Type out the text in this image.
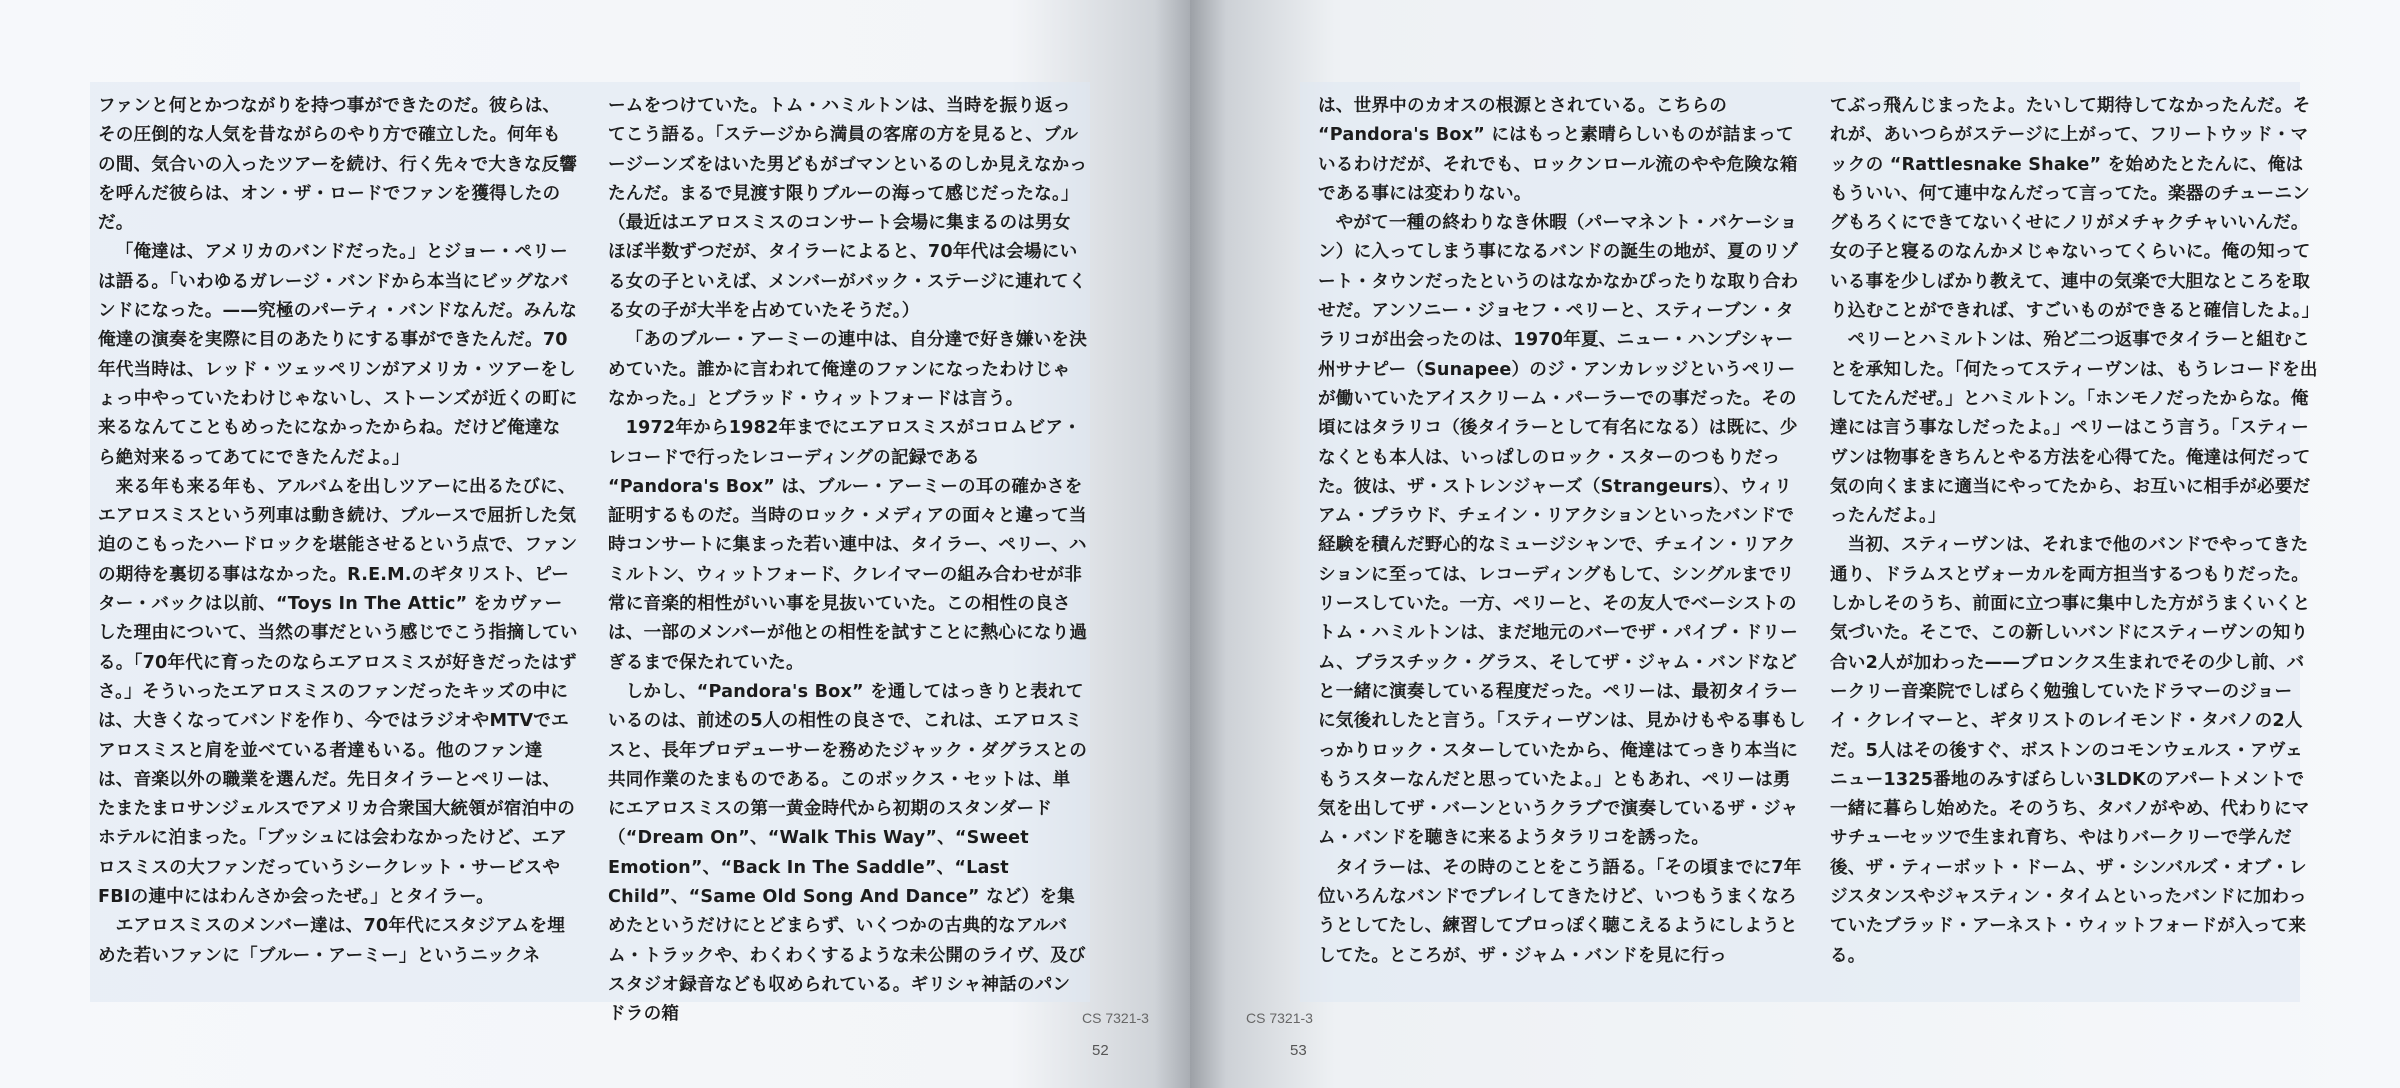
ファンと何とかつながりを持つ事ができたのだ。彼らは、その圧倒的な人気を昔ながらのやり方で確立した。何年もの間、気合いの入ったツアーを続け、行く先々で大きな反響を呼んだ彼らは、オン・ザ・ロードでファンを獲得したのだ。

「俺達は、アメリカのバンドだった。」とジョー・ペリーは語る。「いわゆるガレージ・バンドから本当にビッグなバンドになった。——究極のパーティ・バンドなんだ。みんな俺達の演奏を実際に目のあたりにする事ができたんだ。70年代当時は、レッド・ツェッペリンがアメリカ・ツアーをしょっ中やっていたわけじゃないし、ストーンズが近くの町に来るなんてこともめったになかったからね。だけど俺達なら絶対来るってあてにできたんだよ。」

来る年も来る年も、アルバムを出しツアーに出るたびに、エアロスミスという列車は動き続け、ブルースで屈折した気迫のこもったハードロックを堪能させるという点で、ファンの期待を裏切る事はなかった。R.E.M.のギタリスト、ピーター・バックは以前、“Toys In The Attic” をカヴァーした理由について、当然の事だという感じでこう指摘している。「70年代に育ったのならエアロスミスが好きだったはずさ。」そういったエアロスミスのファンだったキッズの中には、大きくなってバンドを作り、今ではラジオやMTVでエアロスミスと肩を並べている者達もいる。他のファン達は、音楽以外の職業を選んだ。先日タイラーとペリーは、たまたまロサンジェルスでアメリカ合衆国大統領が宿泊中のホテルに泊まった。「ブッシュには会わなかったけど、エアロスミスの大ファンだっていうシークレット・サービスやFBIの連中にはわんさか会ったぜ。」とタイラー。

エアロスミスのメンバー達は、70年代にスタジアムを埋めた若いファンに「ブルー・アーミー」というニックネ

ームをつけていた。トム・ハミルトンは、当時を振り返ってこう語る。「ステージから満員の客席の方を見ると、ブルージーンズをはいた男どもがゴマンといるのしか見えなかったんだ。まるで見渡す限りブルーの海って感じだったな。」（最近はエアロスミスのコンサート会場に集まるのは男女ほぼ半数ずつだが、タイラーによると、70年代は会場にいる女の子といえば、メンバーがバック・ステージに連れてくる女の子が大半を占めていたそうだ。）

「あのブルー・アーミーの連中は、自分達で好き嫌いを決めていた。誰かに言われて俺達のファンになったわけじゃなかった。」とブラッド・ウィットフォードは言う。

1972年から1982年までにエアロスミスがコロムビア・レコードで行ったレコーディングの記録である “Pandora's Box” は、ブルー・アーミーの耳の確かさを証明するものだ。当時のロック・メディアの面々と違って当時コンサートに集まった若い連中は、タイラー、ペリー、ハミルトン、ウィットフォード、クレイマーの組み合わせが非常に音楽的相性がいい事を見抜いていた。この相性の良さは、一部のメンバーが他との相性を試すことに熱心になり過ぎるまで保たれていた。

しかし、“Pandora's Box” を通してはっきりと表れているのは、前述の5人の相性の良さで、これは、エアロスミスと、長年プロデューサーを務めたジャック・ダグラスとの共同作業のたまものである。このボックス・セットは、単にエアロスミスの第一黄金時代から初期のスタンダード（“Dream On”、“Walk This Way”、“Sweet Emotion”、“Back In The Saddle”、“Last Child”、“Same Old Song And Dance” など）を集めたというだけにとどまらず、いくつかの古典的なアルバム・トラックや、わくわくするような未公開のライヴ、及びスタジオ録音なども収められている。ギリシャ神話のパンドラの箱	CS 7321-3
52

は、世界中のカオスの根源とされている。こちらの “Pandora's Box” にはもっと素晴らしいものが詰まっているわけだが、それでも、ロックンロール流のやや危険な箱である事には変わりない。

やがて一種の終わりなき休暇（パーマネント・バケーション）に入ってしまう事になるバンドの誕生の地が、夏のリゾート・タウンだったというのはなかなかぴったりな取り合わせだ。アンソニー・ジョセフ・ペリーと、スティーブン・タラリコが出会ったのは、1970年夏、ニュー・ハンプシャー州サナピー（Sunapee）のジ・アンカレッジというペリーが働いていたアイスクリーム・パーラーでの事だった。その頃にはタラリコ（後タイラーとして有名になる）は既に、少なくとも本人は、いっぱしのロック・スターのつもりだった。彼は、ザ・ストレンジャーズ（Strangeurs）、ウィリアム・プラウド、チェイン・リアクションといったバンドで経験を積んだ野心的なミュージシャンで、チェイン・リアクションに至っては、レコーディングもして、シングルまでリリースしていた。一方、ペリーと、その友人でベーシストのトム・ハミルトンは、まだ地元のバーでザ・パイプ・ドリーム、プラスチック・グラス、そしてザ・ジャム・バンドなどと一緒に演奏している程度だった。ペリーは、最初タイラーに気後れしたと言う。「スティーヴンは、見かけもやる事もしっかりロック・スターしていたから、俺達はてっきり本当にもうスターなんだと思っていたよ。」ともあれ、ペリーは勇気を出してザ・バーンというクラブで演奏しているザ・ジャム・バンドを聴きに来るようタラリコを誘った。

タイラーは、その時のことをこう語る。「その頃までに7年位いろんなバンドでプレイしてきたけど、いつもうまくなろうとしてたし、練習してプロっぽく聴こえるようにしようとしてた。ところが、ザ・ジャム・バンドを見に行っ

てぶっ飛んじまったよ。たいして期待してなかったんだ。それが、あいつらがステージに上がって、フリートウッド・マックの “Rattlesnake Shake” を始めたとたんに、俺はもういい、何て連中なんだって言ってた。楽器のチューニングもろくにできてないくせにノリがメチャクチャいいんだ。女の子と寝るのなんかメじゃないってくらいに。俺の知っている事を少しばかり教えて、連中の気楽で大胆なところを取り込むことができれば、すごいものができると確信したよ。」

ペリーとハミルトンは、殆ど二つ返事でタイラーと組むことを承知した。「何たってスティーヴンは、もうレコードを出してたんだぜ。」とハミルトン。「ホンモノだったからな。俺達には言う事なしだったよ。」ペリーはこう言う。「スティーヴンは物事をきちんとやる方法を心得てた。俺達は何だって気の向くままに適当にやってたから、お互いに相手が必要だったんだよ。」

当初、スティーヴンは、それまで他のバンドでやってきた通り、ドラムスとヴォーカルを両方担当するつもりだった。しかしそのうち、前面に立つ事に集中した方がうまくいくと気づいた。そこで、この新しいバンドにスティーヴンの知り合い2人が加わった——ブロンクス生まれでその少し前、バークリー音楽院でしばらく勉強していたドラマーのジョーイ・クレイマーと、ギタリストのレイモンド・タバノの2人だ。5人はその後すぐ、ボストンのコモンウェルス・アヴェニュー1325番地のみすぼらしい3LDKのアパートメントで一緒に暮らし始めた。そのうち、タバノがやめ、代わりにマサチューセッツで生まれ育ち、やはりバークリーで学んだ後、ザ・ティーボット・ドーム、ザ・シンバルズ・オブ・レジスタンスやジャスティン・タイムといったバンドに加わっていたブラッド・アーネスト・ウィットフォードが入って来る。

CS 7321-3
53
